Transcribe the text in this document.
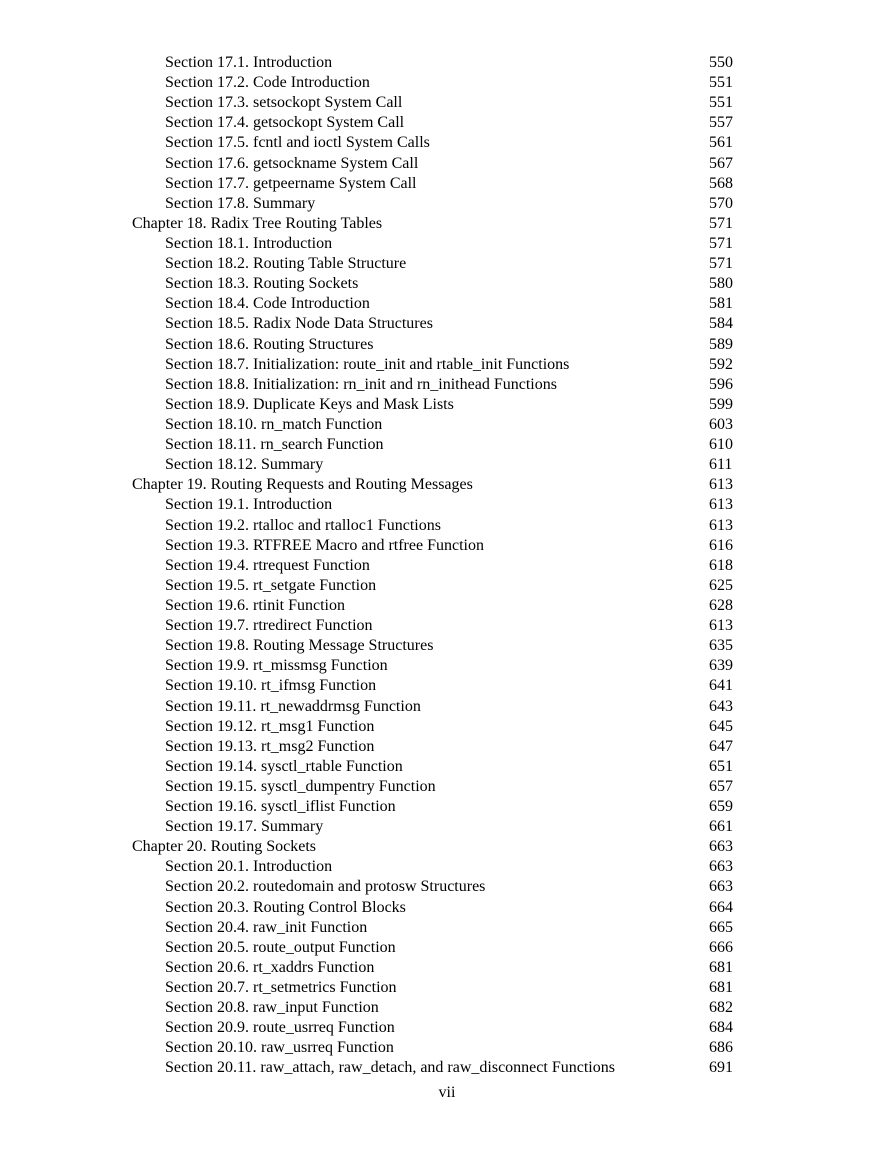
Section 17.1. Introduction	550
Section 17.2. Code Introduction	551
Section 17.3. setsockopt System Call	551
Section 17.4. getsockopt System Call	557
Section 17.5. fcntl and ioctl System Calls	561
Section 17.6. getsockname System Call	567
Section 17.7. getpeername System Call	568
Section 17.8. Summary	570
Chapter 18. Radix Tree Routing Tables	571
Section 18.1. Introduction	571
Section 18.2. Routing Table Structure	571
Section 18.3. Routing Sockets	580
Section 18.4. Code Introduction	581
Section 18.5. Radix Node Data Structures	584
Section 18.6. Routing Structures	589
Section 18.7. Initialization: route_init and rtable_init Functions	592
Section 18.8. Initialization: rn_init and rn_inithead Functions	596
Section 18.9. Duplicate Keys and Mask Lists	599
Section 18.10. rn_match Function	603
Section 18.11. rn_search Function	610
Section 18.12. Summary	611
Chapter 19. Routing Requests and Routing Messages	613
Section 19.1. Introduction	613
Section 19.2. rtalloc and rtalloc1 Functions	613
Section 19.3. RTFREE Macro and rtfree Function	616
Section 19.4. rtrequest Function	618
Section 19.5. rt_setgate Function	625
Section 19.6. rtinit Function	628
Section 19.7. rtredirect Function	613
Section 19.8. Routing Message Structures	635
Section 19.9. rt_missmsg Function	639
Section 19.10. rt_ifmsg Function	641
Section 19.11. rt_newaddrmsg Function	643
Section 19.12. rt_msg1 Function	645
Section 19.13. rt_msg2 Function	647
Section 19.14. sysctl_rtable Function	651
Section 19.15. sysctl_dumpentry Function	657
Section 19.16. sysctl_iflist Function	659
Section 19.17. Summary	661
Chapter 20. Routing Sockets	663
Section 20.1. Introduction	663
Section 20.2. routedomain and protosw Structures	663
Section 20.3. Routing Control Blocks	664
Section 20.4. raw_init Function	665
Section 20.5. route_output Function	666
Section 20.6. rt_xaddrs Function	681
Section 20.7. rt_setmetrics Function	681
Section 20.8. raw_input Function	682
Section 20.9. route_usrreq Function	684
Section 20.10. raw_usrreq Function	686
Section 20.11. raw_attach, raw_detach, and raw_disconnect Functions	691
vii
